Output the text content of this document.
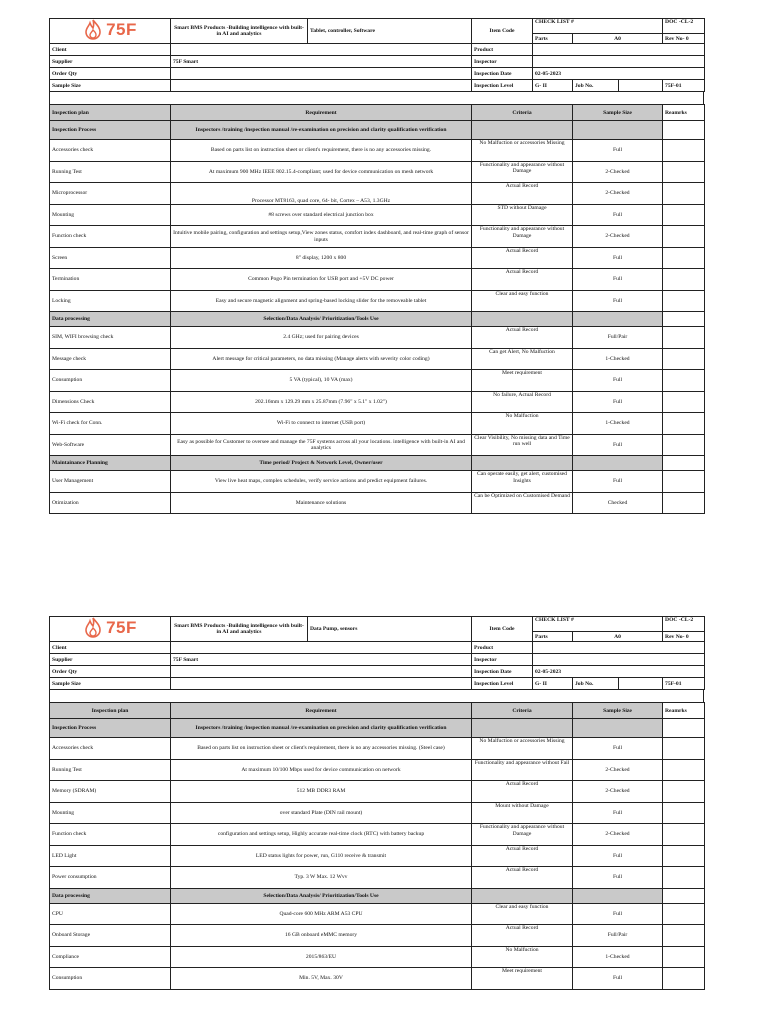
75F	Smart BMS Products -Building intelligence with built-in AI and analytics	Tablet, controller, Software	Item Code	CHECK LIST #			DOC -CL-2
				Parts	A0		Rev No- 0
Client			Product				
Supplier	75F Smart		Inspector				
Order Qty			Inspection Date	02-05-2023			
Sample Size			Inspection Level	G- II	Job No.		75F-01
Inspection plan	Requirement	Criteria	Sample Size	Reamrks
Inspection Process	Inspectors /training /inspection manual /re-examination on precision and clarity qualification verification			
Accessories check	Based on parts list on instruction sheet or client's requirement, there is no any accessories missing.	No Malfuction or accessories Missing	Full	
Running Test	At maximum 900 MHz IEEE 802.15.4-compliant; used for device communication on mesh network	Functionality and appearance without Damage	2-Checked	
Microprocessor	Processor MT8163, quad core, 64- bit, Cortex – A53, 1.3GHz	Actual Record	2-Checked	
Mounting	#8 screws over standard electrical junction box	STD without Damage	Full	
Function check	Intuitive mobile pairing, configuration and settings setup,View zones status, comfort index dashboard, and real-time graph of sensor inputs	Functionality and appearance without Damage	2-Checked	
Screen	8" display, 1200 x 800	Actual Record	Full	
Termination	Common Pogo Pin termination for USB port and +5V DC power	Actual Record	Full	
Locking	Easy and secure magnetic alignment and spring-based locking slider for the removeable tablet	Clear and easy function	Full	
Data processing	Selection/Data Analysis/ Prioritization/Tools Use			
SIM, WIFI browsing check	2.4 GHz; used for pairing devices	Actual Record	Full/Pair	
Message check	Alert message for critical parameters, no data missing (Manage alerts with severity color coding)	Can get Alert, No Malfuction	1-Checked	
Consumption	5 VA (typical), 10 VA (max)	Meet requirement	Full	
Dimensions Check	202.16mm x 129.29 mm x 25.87mm (7.96" x 5.1" x 1.02")	No failure, Actual Record	Full	
Wi-Fi check for Conn.	Wi-Fi to connect to internet (USB port)	No Malfuction	1-Checked	
Web-Software	Easy as possible for Customer to oversee and manage the 75F systems across all your locations. intelligence with built-in AI and analytics	Clear Visibility, No missing data and Time run well	Full	
Maintainance Planning	Time period/ Project & Network Level, Owner/user			
User Management	View live heat maps, complex schedules, verify service actions and predict equipment failures.	Can operate easily, get alert, customised Insights	Full	
Otimization	Maintenance solutions	Can be Optimized on Customised Demand	Checked	
75F	Smart BMS Products -Building intelligence with built-in AI and analytics	Data Pump, sensors	Item Code	CHECK LIST #			DOC -CL-2
				Parts	A0		Rev No- 0
Client			Product				
Supplier	75F Smart		Inspector				
Order Qty			Inspection Date	02-05-2023			
Sample Size			Inspection Level	G- II	Job No.		75F-01
Inspection plan	Requirement	Criteria	Sample Size	Reamrks
Inspection Process	Inspectors /training /inspection manual /re-examination on precision and clarity qualification verification			
Accessories check	Based on parts list on instruction sheet or client's requirement, there is no any accessories missing. (Steel case)	No Malfuction or accessories Missing	Full	
Running Test	At maximum 10/100 Mbps used for device communication on network	Functionality and appearance without Fail	2-Checked	
Memory (SDRAM)	512 MB DDR3 RAM	Actual Record	2-Checked	
Mounting	over standard Plate (DIN rail mount)	Mount without Damage	Full	
Function check	configuration and settings setup, Highly accurate real-time clock (RTC) with battery backup	Functionality and appearance without Damage	2-Checked	
LED Light	LED status lights for power, run, G110 receive & transmit	Actual Record	Full	
Power consumption	Typ. 3 W Max. 12 Wvv	Actual Record	Full	
Data processing	Selection/Data Analysis/ Prioritization/Tools Use			
CPU	Quad-core 600 MHz ARM A53 CPU	Clear and easy function	Full	
Onboard Storage	16 GB onboard eMMC memory	Actual Record	Full/Pair	
Compliance	2015/863/EU	No Malfuction	1-Checked	
Consumption	Min. 5V, Max. 30V	Meet requirement	Full	
